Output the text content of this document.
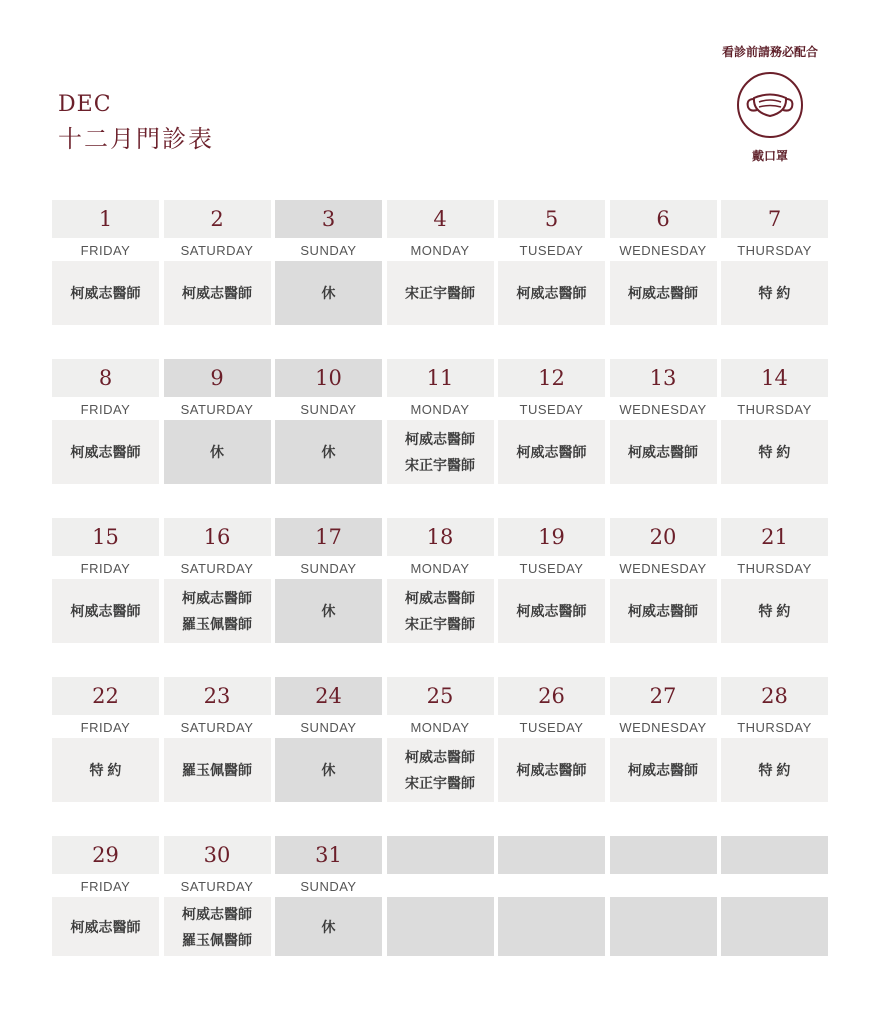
DEC
十二月門診表
看診前請務必配合
戴口罩
1
FRIDAY
柯威志醫師
2
SATURDAY
柯威志醫師
3
SUNDAY
休
4
MONDAY
宋正宇醫師
5
TUSEDAY
柯威志醫師
6
WEDNESDAY
柯威志醫師
7
THURSDAY
特 約
8
FRIDAY
柯威志醫師
9
SATURDAY
休
10
SUNDAY
休
11
MONDAY
柯威志醫師
宋正宇醫師
12
TUSEDAY
柯威志醫師
13
WEDNESDAY
柯威志醫師
14
THURSDAY
特 約
15
FRIDAY
柯威志醫師
16
SATURDAY
柯威志醫師
羅玉佩醫師
17
SUNDAY
休
18
MONDAY
柯威志醫師
宋正宇醫師
19
TUSEDAY
柯威志醫師
20
WEDNESDAY
柯威志醫師
21
THURSDAY
特 約
22
FRIDAY
特 約
23
SATURDAY
羅玉佩醫師
24
SUNDAY
休
25
MONDAY
柯威志醫師
宋正宇醫師
26
TUSEDAY
柯威志醫師
27
WEDNESDAY
柯威志醫師
28
THURSDAY
特 約
29
FRIDAY
柯威志醫師
30
SATURDAY
柯威志醫師
羅玉佩醫師
31
SUNDAY
休
